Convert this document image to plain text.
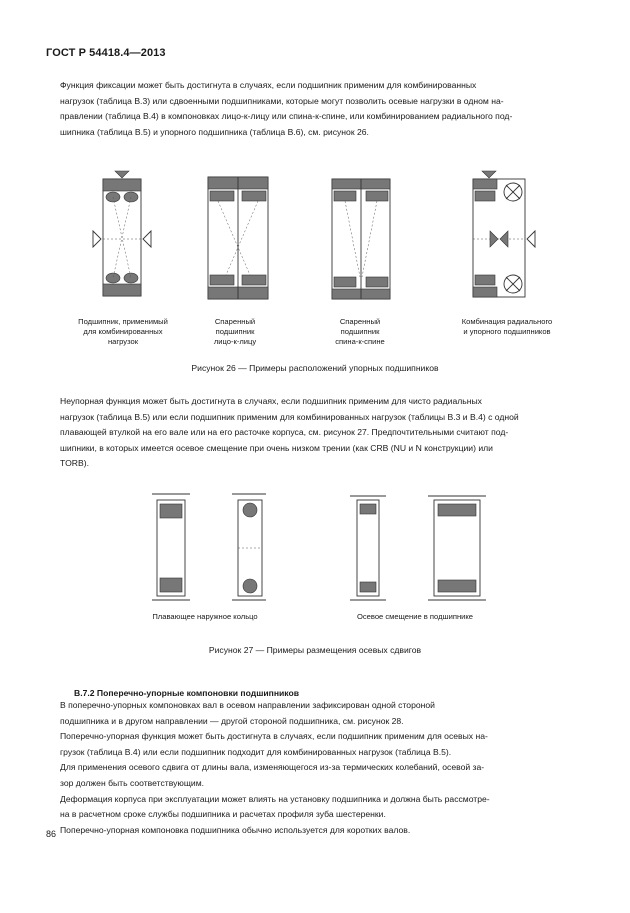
ГОСТ Р 54418.4—2013
Функция фиксации может быть достигнута в случаях, если подшипник применим для комбинированных
нагрузок (таблица В.3) или сдвоенными подшипниками, которые могут позволить осевые нагрузки в одном на-
правлении (таблица В.4) в компоновках лицо-к-лицу или спина-к-спине, или комбинированием радиального под-
шипника (таблица В.5) и упорного подшипника (таблица В.6), см. рисунок 26.
Подшипник, применимый
для комбинированных
нагрузок
Спаренный
подшипник
лицо-к-лицу
Спаренный
подшипник
спина-к-спине
Комбинация радиального
и упорного подшипников
Рисунок 26 — Примеры расположений упорных подшипников
Неупорная функция может быть достигнута в случаях, если подшипник применим для чисто радиальных
нагрузок (таблица В.5) или если подшипник применим для комбинированных нагрузок (таблицы В.3 и В.4) с одной
плавающей втулкой на его вале или на его расточке корпуса, см. рисунок 27. Предпочтительными считают под-
шипники, в которых имеется осевое смещение при очень низком трении (как CRB (NU и N конструкции) или
TORB).
Плавающее наружное кольцо	Осевое смещение в подшипнике
Рисунок 27 — Примеры размещения осевых сдвигов
В.7.2 Поперечно-упорные компоновки подшипников
В поперечно-упорных компоновках вал в осевом направлении зафиксирован одной стороной
подшипника и в другом направлении — другой стороной подшипника, см. рисунок 28.
Поперечно-упорная функция может быть достигнута в случаях, если подшипник применим для осевых на-
грузок (таблица В.4) или если подшипник подходит для комбинированных нагрузок (таблица В.5).
Для применения осевого сдвига от длины вала, изменяющегося из-за термических колебаний, осевой за-
зор должен быть соответствующим.
Деформация корпуса при эксплуатации может влиять на установку подшипника и должна быть рассмотре-
на в расчетном сроке службы подшипника и расчетах профиля зуба шестеренки.
Поперечно-упорная компоновка подшипника обычно используется для коротких валов.
86
